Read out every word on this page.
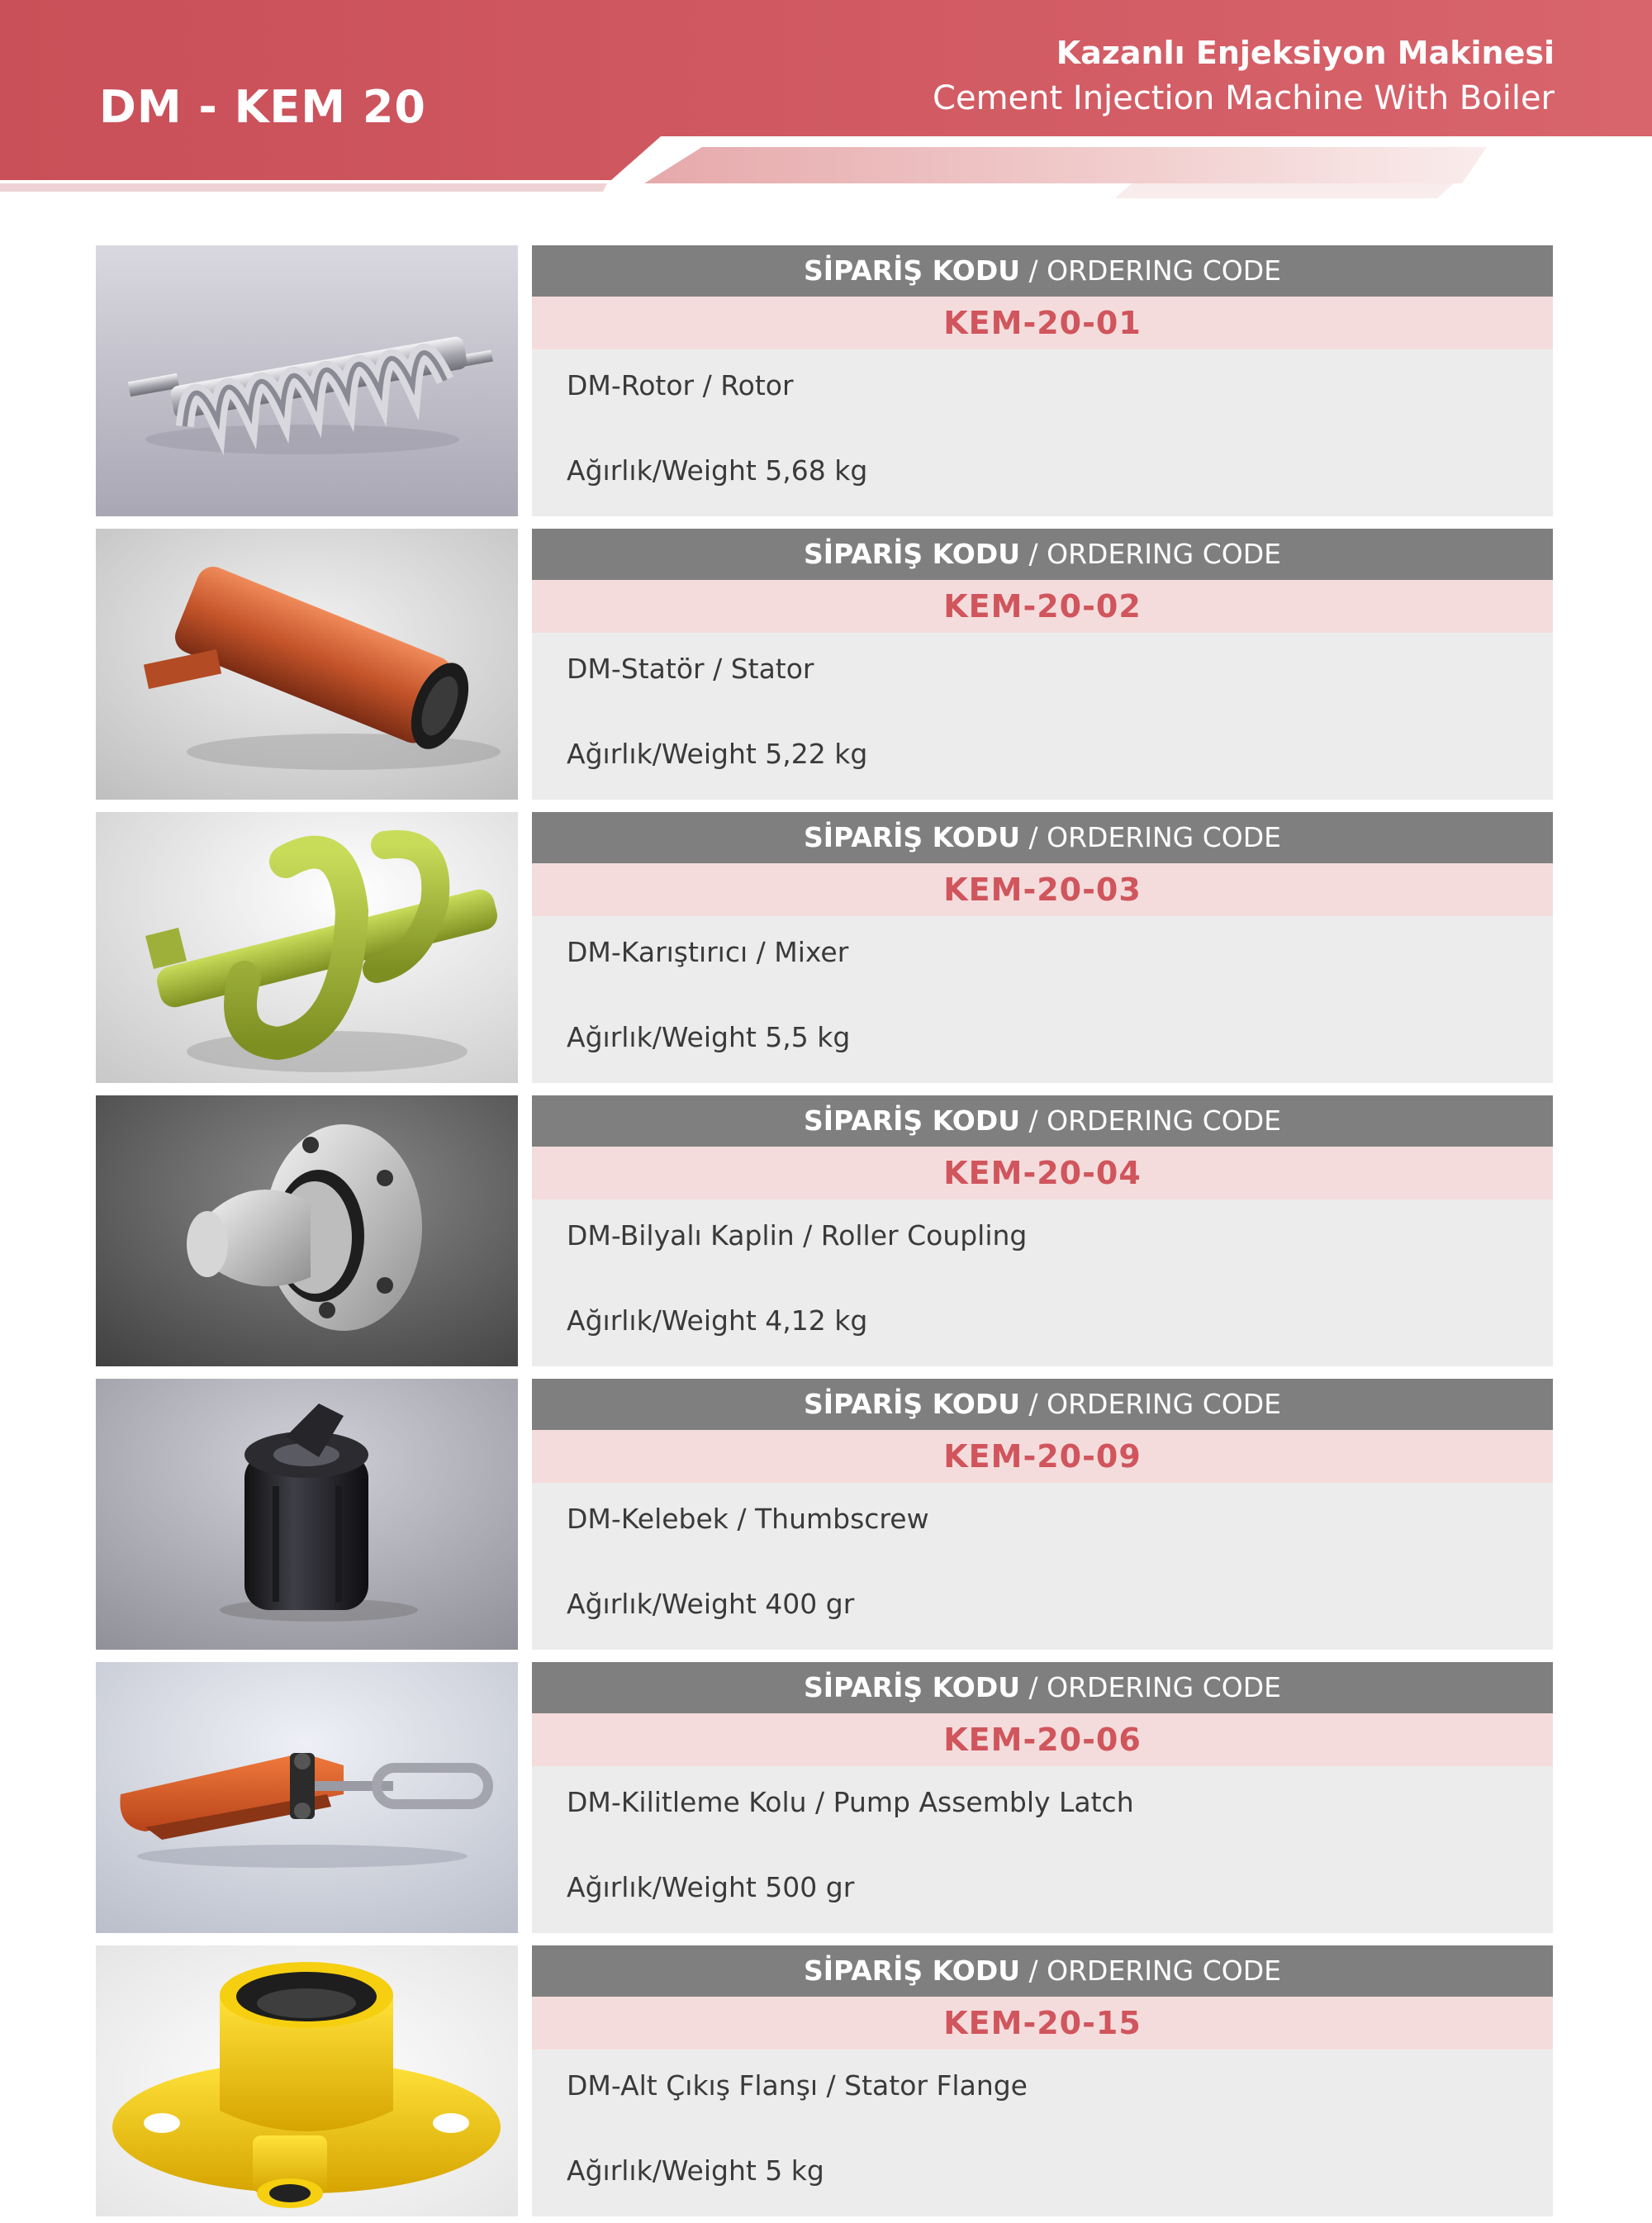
DM - KEM 20
Kazanlı Enjeksiyon Makinesi
Cement Injection Machine With Boiler
SİPARİŞ KODU / ORDERING CODE
KEM-20-01
DM-Rotor / Rotor
Ağırlık/Weight 5,68 kg
SİPARİŞ KODU / ORDERING CODE
KEM-20-02
DM-Statör / Stator
Ağırlık/Weight 5,22 kg
SİPARİŞ KODU / ORDERING CODE
KEM-20-03
DM-Karıştırıcı / Mixer
Ağırlık/Weight 5,5 kg
SİPARİŞ KODU / ORDERING CODE
KEM-20-04
DM-Bilyalı Kaplin / Roller Coupling
Ağırlık/Weight 4,12 kg
SİPARİŞ KODU / ORDERING CODE
KEM-20-09
DM-Kelebek / Thumbscrew
Ağırlık/Weight 400 gr
SİPARİŞ KODU / ORDERING CODE
KEM-20-06
DM-Kilitleme Kolu / Pump Assembly Latch
Ağırlık/Weight 500 gr
SİPARİŞ KODU / ORDERING CODE
KEM-20-15
DM-Alt Çıkış Flanşı / Stator Flange
Ağırlık/Weight 5 kg
